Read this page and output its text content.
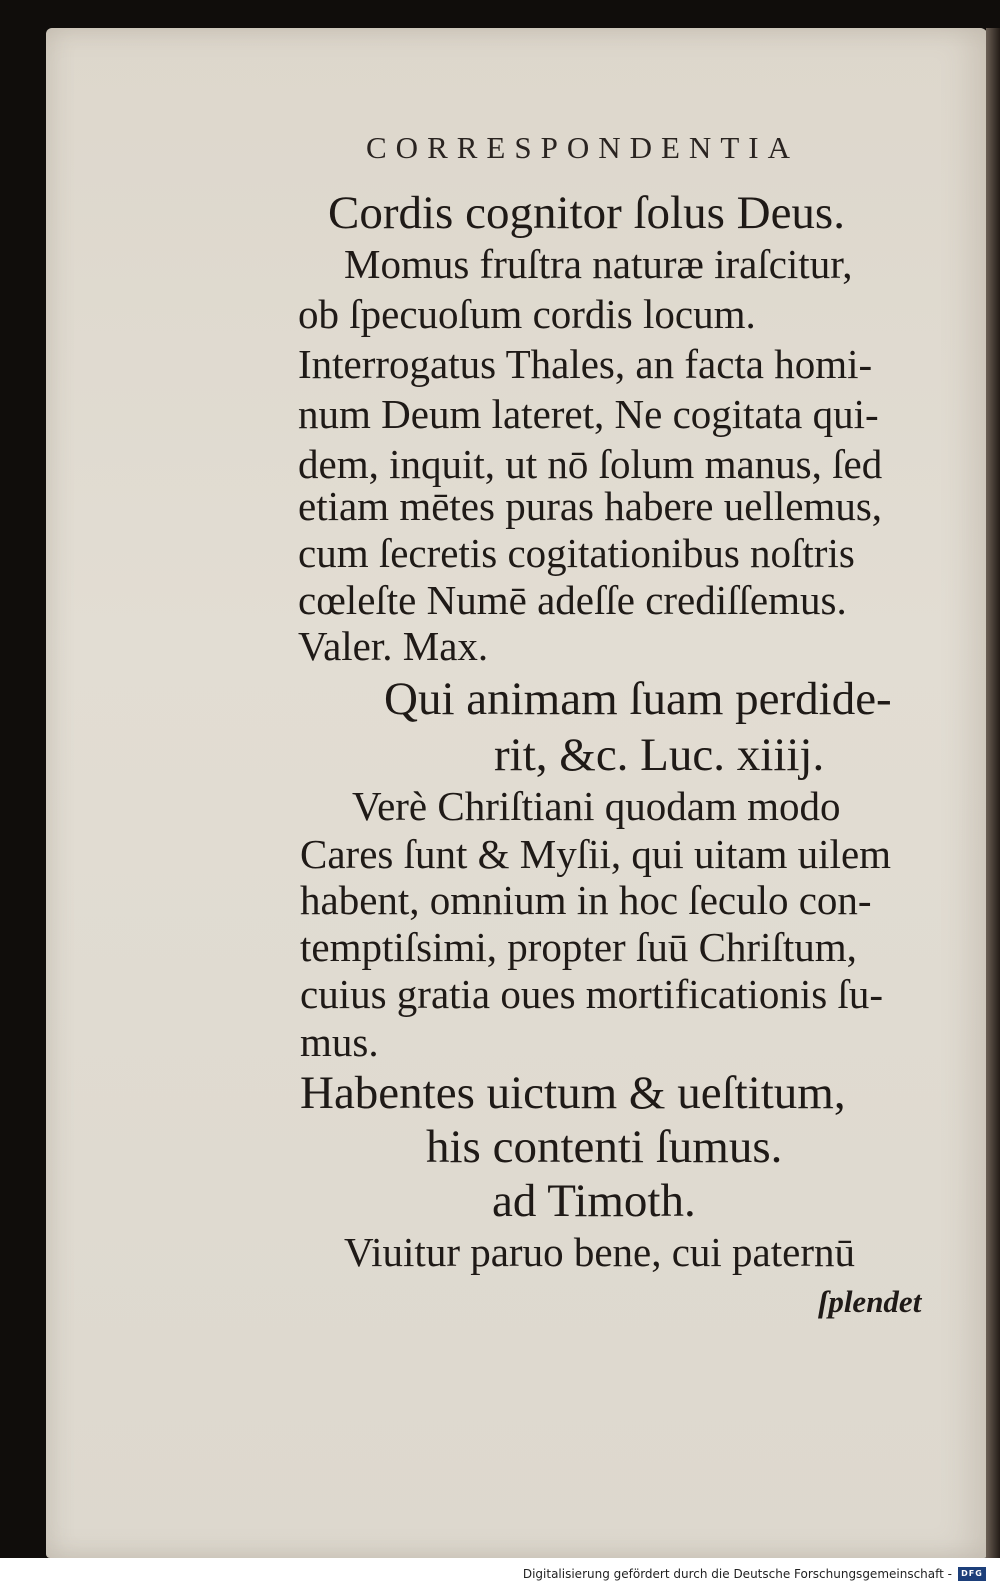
CORRESPONDENTIA
Cordis cognitor ſolus Deus.
Momus fruſtra naturæ iraſcitur,
ob ſpecuoſum cordis locum.
Interrogatus Thales, an facta homi-
num Deum lateret, Ne cogitata qui-
dem, inquit, ut nō ſolum manus, ſed
etiam mētes puras habere uellemus,
cum ſecretis cogitationibus noſtris
cœleſte Numē adeſſe crediſſemus.
Valer. Max.
Qui animam ſuam perdide-
rit, &c. Luc. xiiij.
Verè Chriſtiani quodam modo
Cares ſunt & Myſii, qui uitam uilem
habent, omnium in hoc ſeculo con-
temptiſsimi, propter ſuū Chriſtum,
cuius gratia oues mortificationis ſu-
mus.
Habentes uictum & ueſtitum,
his contenti ſumus.
ad Timoth.
Viuitur paruo bene, cui paternū
ſplendet
Digitalisierung gefördert durch die Deutsche Forschungsgemeinschaft -	DFG
